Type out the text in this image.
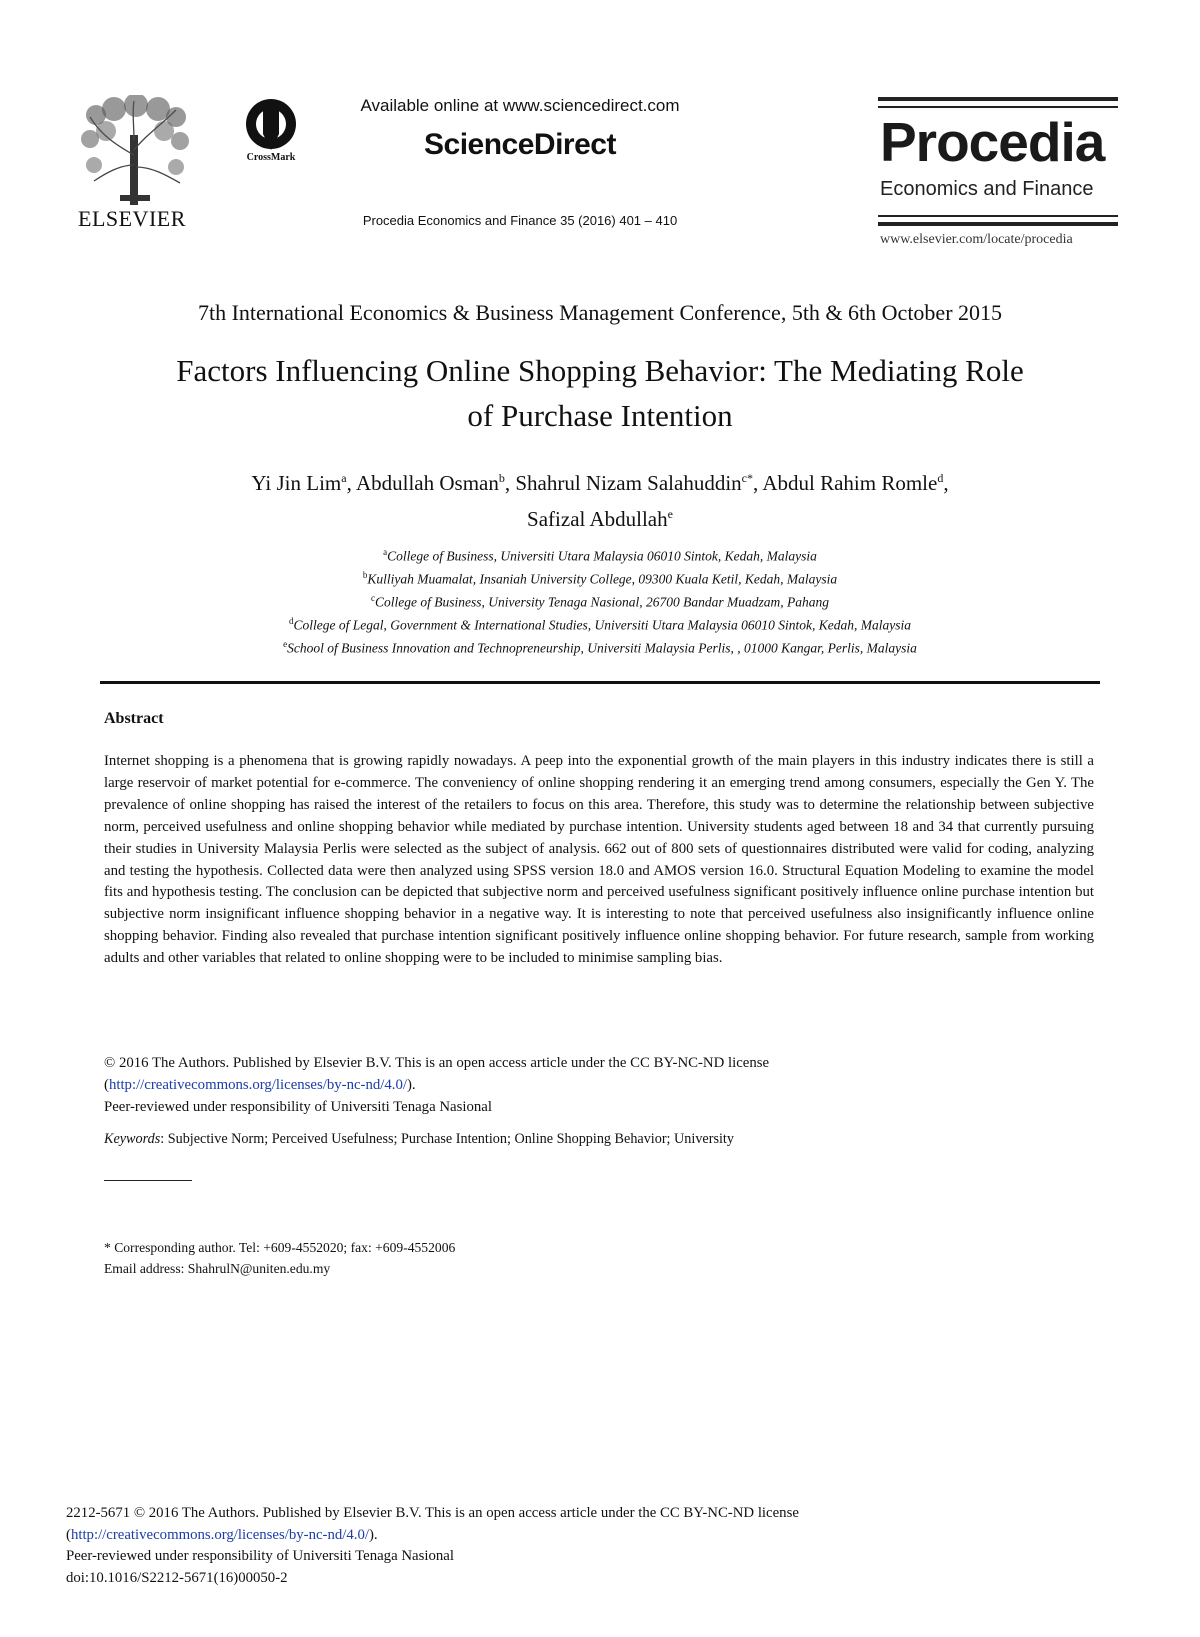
ELSEVIER
CrossMark
Available online at www.sciencedirect.com
ScienceDirect
Procedia Economics and Finance 35 (2016) 401 – 410
Procedia
Economics and Finance
www.elsevier.com/locate/procedia
7th International Economics & Business Management Conference, 5th & 6th October 2015
Factors Influencing Online Shopping Behavior: The Mediating Role
of Purchase Intention
Yi Jin Lim$^a$, Abdullah Osman$^b$, Shahrul Nizam Salahuddin$^{c*}$, Abdul Rahim Romle$^d$,
Safizal Abdullah$^e$
$^a$College of Business, Universiti Utara Malaysia 06010 Sintok, Kedah, Malaysia
$^b$Kulliyah Muamalat, Insaniah University College, 09300 Kuala Ketil, Kedah, Malaysia
$^c$College of Business, University Tenaga Nasional, 26700 Bandar Muadzam, Pahang
$^d$College of Legal, Government & International Studies, Universiti Utara Malaysia 06010 Sintok, Kedah, Malaysia
$^e$School of Business Innovation and Technopreneurship, Universiti Malaysia Perlis, , 01000 Kangar, Perlis, Malaysia
Abstract
Internet shopping is a phenomena that is growing rapidly nowadays. A peep into the exponential growth of the main players in this industry indicates there is still a large reservoir of market potential for e-commerce. The conveniency of online shopping rendering it an emerging trend among consumers, especially the Gen Y. The prevalence of online shopping has raised the interest of the retailers to focus on this area. Therefore, this study was to determine the relationship between subjective norm, perceived usefulness and online shopping behavior while mediated by purchase intention. University students aged between 18 and 34 that currently pursuing their studies in University Malaysia Perlis were selected as the subject of analysis. 662 out of 800 sets of questionnaires distributed were valid for coding, analyzing and testing the hypothesis. Collected data were then analyzed using SPSS version 18.0 and AMOS version 16.0. Structural Equation Modeling to examine the model fits and hypothesis testing. The conclusion can be depicted that subjective norm and perceived usefulness significant positively influence online purchase intention but subjective norm insignificant influence shopping behavior in a negative way. It is interesting to note that perceived usefulness also insignificantly influence online shopping behavior. Finding also revealed that purchase intention significant positively influence online shopping behavior. For future research, sample from working adults and other variables that related to online shopping were to be included to minimise sampling bias.
© 2016 The Authors. Published by Elsevier B.V. This is an open access article under the CC BY-NC-ND license
(http://creativecommons.org/licenses/by-nc-nd/4.0/).
Peer-reviewed under responsibility of Universiti Tenaga Nasional
Keywords: Subjective Norm; Perceived Usefulness; Purchase Intention; Online Shopping Behavior; University
* Corresponding author. Tel: +609-4552020; fax: +609-4552006
Email address: ShahrulN@uniten.edu.my
2212-5671 © 2016 The Authors. Published by Elsevier B.V. This is an open access article under the CC BY-NC-ND license
(http://creativecommons.org/licenses/by-nc-nd/4.0/).
Peer-reviewed under responsibility of Universiti Tenaga Nasional
doi:10.1016/S2212-5671(16)00050-2
